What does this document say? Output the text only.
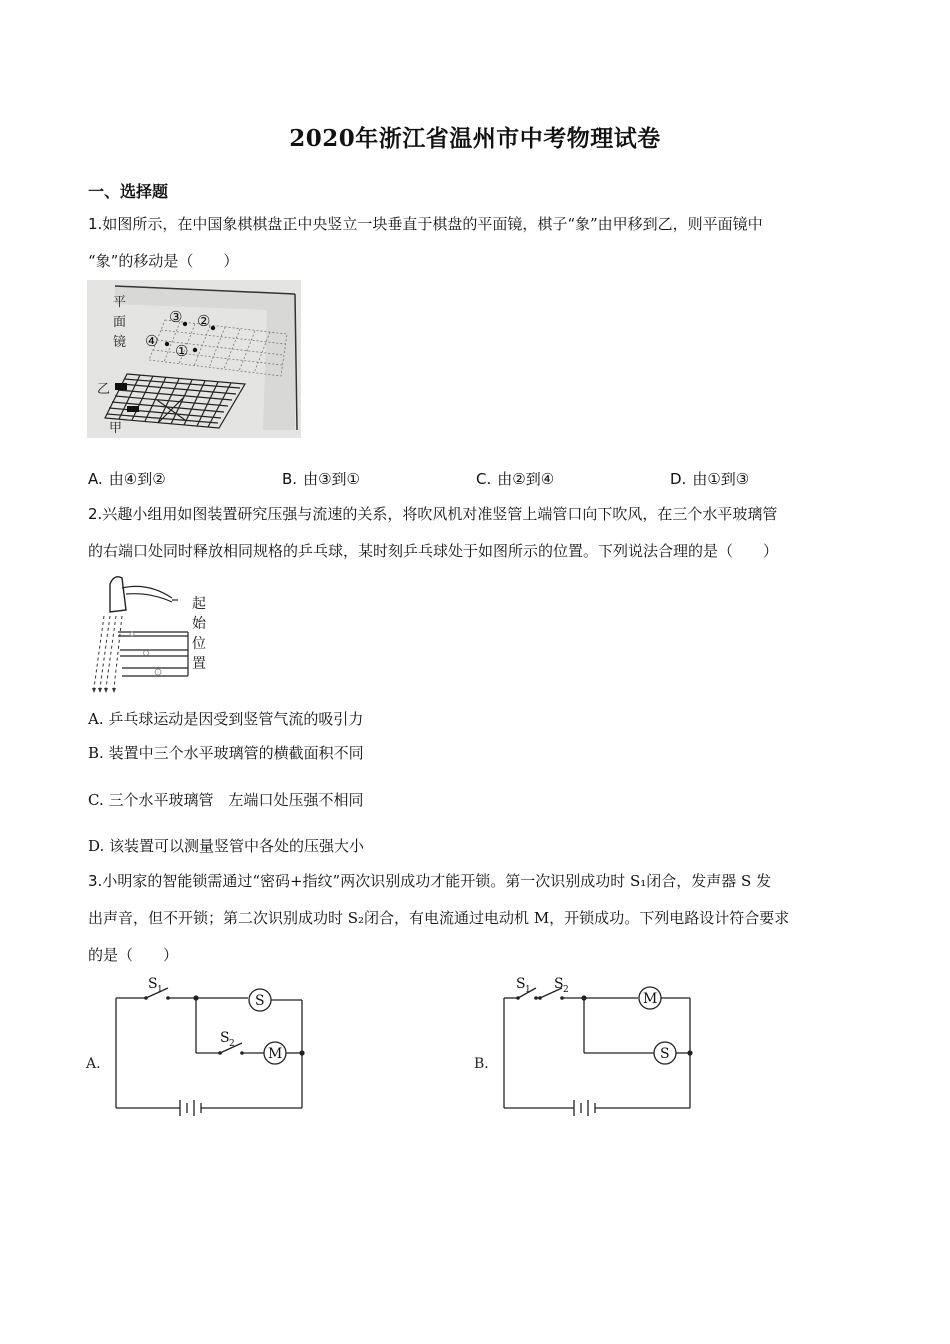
2020年浙江省温州市中考物理试卷
一、选择题
1.如图所示，在中国象棋棋盘正中央竖立一块垂直于棋盘的平面镜，棋子“象”由甲移到乙，则平面镜中
“象”的移动是（　　）
③ ②
④
①
平
面
镜
乙
甲
A. 由④到②	B. 由③到①	C. 由②到④	D. 由①到③
2.兴趣小组用如图装置研究压强与流速的关系，将吹风机对准竖管上端管口向下吹风，在三个水平玻璃管
的右端口处同时释放相同规格的乒乓球，某时刻乒乓球处于如图所示的位置。下列说法合理的是（　　）
起
始
位
置
A. 乒乓球运动是因受到竖管气流的吸引力
B. 装置中三个水平玻璃管的横截面积不同
C. 三个水平玻璃管　左端口处压强不相同
D. 该装置可以测量竖管中各处的压强大小
3.小明家的智能锁需通过“密码+指纹”两次识别成功才能开锁。第一次识别成功时 S₁闭合，发声器 S 发
出声音，但不开锁；第二次识别成功时 S₂闭合，有电流通过电动机 M，开锁成功。下列电路设计符合要求
的是（　　）
A.
S
M
S 1
S 2
B.
M
S
S 1 S 2
